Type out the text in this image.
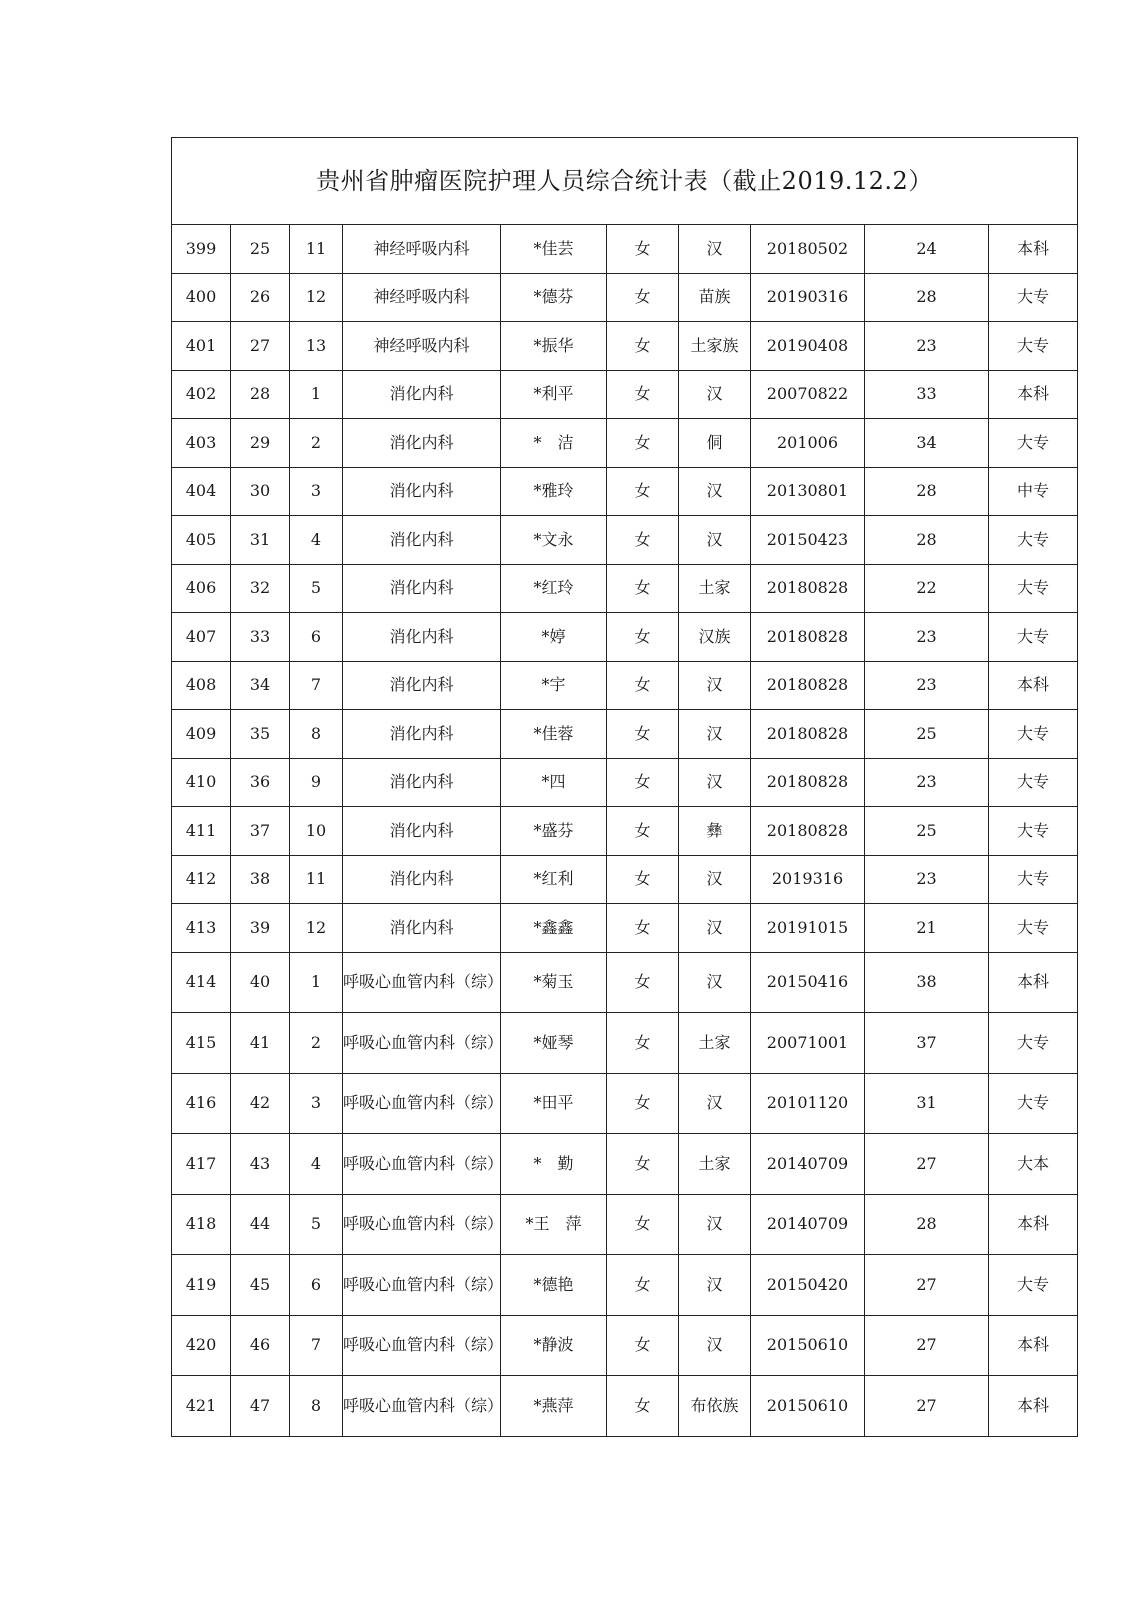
贵州省肿瘤医院护理人员综合统计表（截止2019.12.2）									
399	25	11	神经呼吸内科	*佳芸	女	汉	20180502	24	本科
400	26	12	神经呼吸内科	*德芬	女	苗族	20190316	28	大专
401	27	13	神经呼吸内科	*振华	女	土家族	20190408	23	大专
402	28	1	消化内科	*利平	女	汉	20070822	33	本科
403	29	2	消化内科	*　洁	女	侗	201006	34	大专
404	30	3	消化内科	*雅玲	女	汉	20130801	28	中专
405	31	4	消化内科	*文永	女	汉	20150423	28	大专
406	32	5	消化内科	*红玲	女	土家	20180828	22	大专
407	33	6	消化内科	*婷	女	汉族	20180828	23	大专
408	34	7	消化内科	*宇	女	汉	20180828	23	本科
409	35	8	消化内科	*佳蓉	女	汉	20180828	25	大专
410	36	9	消化内科	*四	女	汉	20180828	23	大专
411	37	10	消化内科	*盛芬	女	彝	20180828	25	大专
412	38	11	消化内科	*红利	女	汉	2019316	23	大专
413	39	12	消化内科	*鑫鑫	女	汉	20191015	21	大专
414	40	1	呼吸心血管内科（综）	*菊玉	女	汉	20150416	38	本科
415	41	2	呼吸心血管内科（综）	*娅琴	女	土家	20071001	37	大专
416	42	3	呼吸心血管内科（综）	*田平	女	汉	20101120	31	大专
417	43	4	呼吸心血管内科（综）	*　勤	女	土家	20140709	27	大本
418	44	5	呼吸心血管内科（综）	*王　萍	女	汉	20140709	28	本科
419	45	6	呼吸心血管内科（综）	*德艳	女	汉	20150420	27	大专
420	46	7	呼吸心血管内科（综）	*静波	女	汉	20150610	27	本科
421	47	8	呼吸心血管内科（综）	*燕萍	女	布依族	20150610	27	本科
